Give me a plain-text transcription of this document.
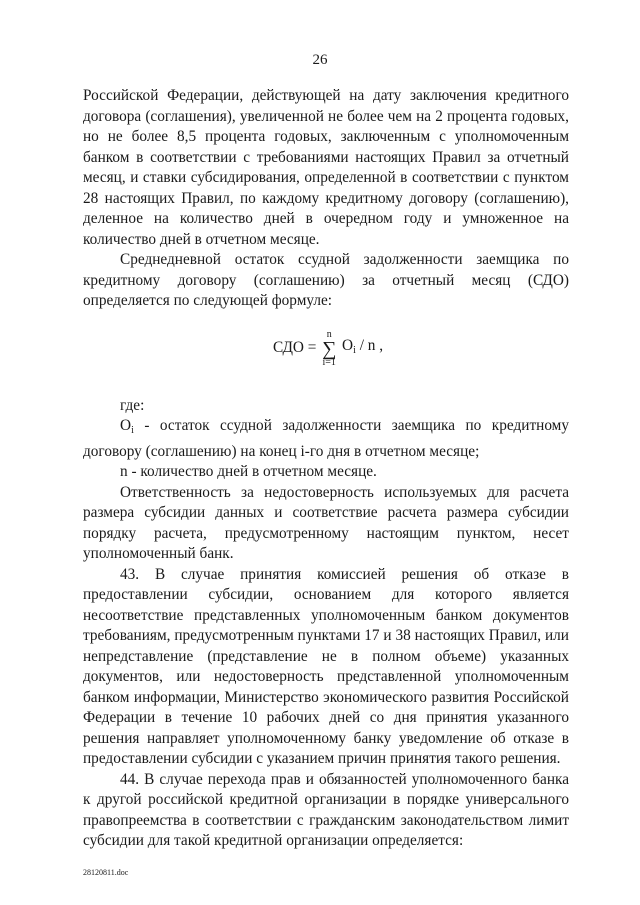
26

Российской Федерации, действующей на дату заключения кредитного договора (соглашения), увеличенной не более чем на 2 процента годовых, но не более 8,5 процента годовых, заключенным с уполномоченным банком в соответствии с требованиями настоящих Правил за отчетный месяц, и ставки субсидирования, определенной в соответствии с пунктом 28 настоящих Правил, по каждому кредитному договору (соглашению), деленное на количество дней в очередном году и умноженное на количество дней в отчетном месяце.

Среднедневной остаток ссудной задолженности заемщика по кредитному договору (соглашению) за отчетный месяц (СДО) определяется по следующей формуле:

СДО =
n
∑
i=1
$O_i$ / n ,

где:

$O_i$ - остаток ссудной задолженности заемщика по кредитному договору (соглашению) на конец i-го дня в отчетном месяце;

n - количество дней в отчетном месяце.

Ответственность за недостоверность используемых для расчета размера субсидии данных и соответствие расчета размера субсидии порядку расчета, предусмотренному настоящим пунктом, несет уполномоченный банк.

43. В случае принятия комиссией решения об отказе в предоставлении субсидии, основанием для которого является несоответствие представленных уполномоченным банком документов требованиям, предусмотренным пунктами 17 и 38 настоящих Правил, или непредставление (представление не в полном объеме) указанных документов, или недостоверность представленной уполномоченным банком информации, Министерство экономического развития Российской Федерации в течение 10 рабочих дней со дня принятия указанного решения направляет уполномоченному банку уведомление об отказе в предоставлении субсидии с указанием причин принятия такого решения.

44. В случае перехода прав и обязанностей уполномоченного банка к другой российской кредитной организации в порядке универсального правопреемства в соответствии с гражданским законодательством лимит субсидии для такой кредитной организации определяется:

28120811.doc
